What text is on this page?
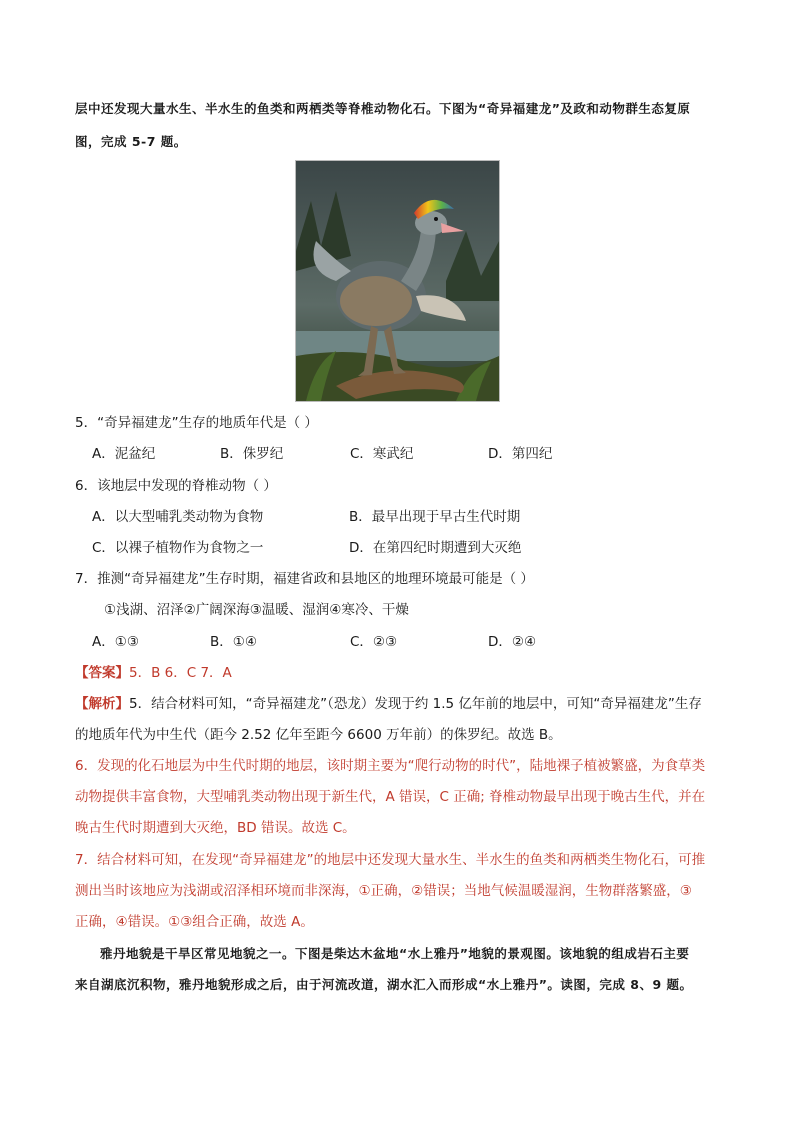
层中还发现大量水生、半水生的鱼类和两栖类等脊椎动物化石。下图为“奇异福建龙”及政和动物群生态复原
图，完成 5-7 题。
5．“奇异福建龙”生存的地质年代是（ ）
A．泥盆纪	B．侏罗纪	C．寒武纪	D．第四纪
6．该地层中发现的脊椎动物（ ）
A．以大型哺乳类动物为食物	B．最早出现于早古生代时期
C．以裸子植物作为食物之一	D．在第四纪时期遭到大灭绝
7．推测“奇异福建龙”生存时期，福建省政和县地区的地理环境最可能是（ ）
①浅湖、沼泽②广阔深海③温暖、湿润④寒冷、干燥
A．①③	B．①④	C．②③	D．②④
【答案】5．B 6．C 7．A
【解析】5．结合材料可知，“奇异福建龙”（恐龙）发现于约 1.5 亿年前的地层中，可知“奇异福建龙”生存
的地质年代为中生代（距今 2.52 亿年至距今 6600 万年前）的侏罗纪。故选 B。
6．发现的化石地层为中生代时期的地层，该时期主要为“爬行动物的时代”，陆地裸子植被繁盛，为食草类
动物提供丰富食物，大型哺乳类动物出现于新生代，A 错误，C 正确; 脊椎动物最早出现于晚古生代，并在
晚古生代时期遭到大灭绝，BD 错误。故选 C。
7．结合材料可知，在发现“奇异福建龙”的地层中还发现大量水生、半水生的鱼类和两栖类生物化石，可推
测出当时该地应为浅湖或沼泽相环境而非深海，①正确，②错误；当地气候温暖湿润，生物群落繁盛，③
正确，④错误。①③组合正确，故选 A。
雅丹地貌是干旱区常见地貌之一。下图是柴达木盆地“水上雅丹”地貌的景观图。该地貌的组成岩石主要
来自湖底沉积物，雅丹地貌形成之后，由于河流改道，湖水汇入而形成“水上雅丹”。读图，完成 8、9 题。
